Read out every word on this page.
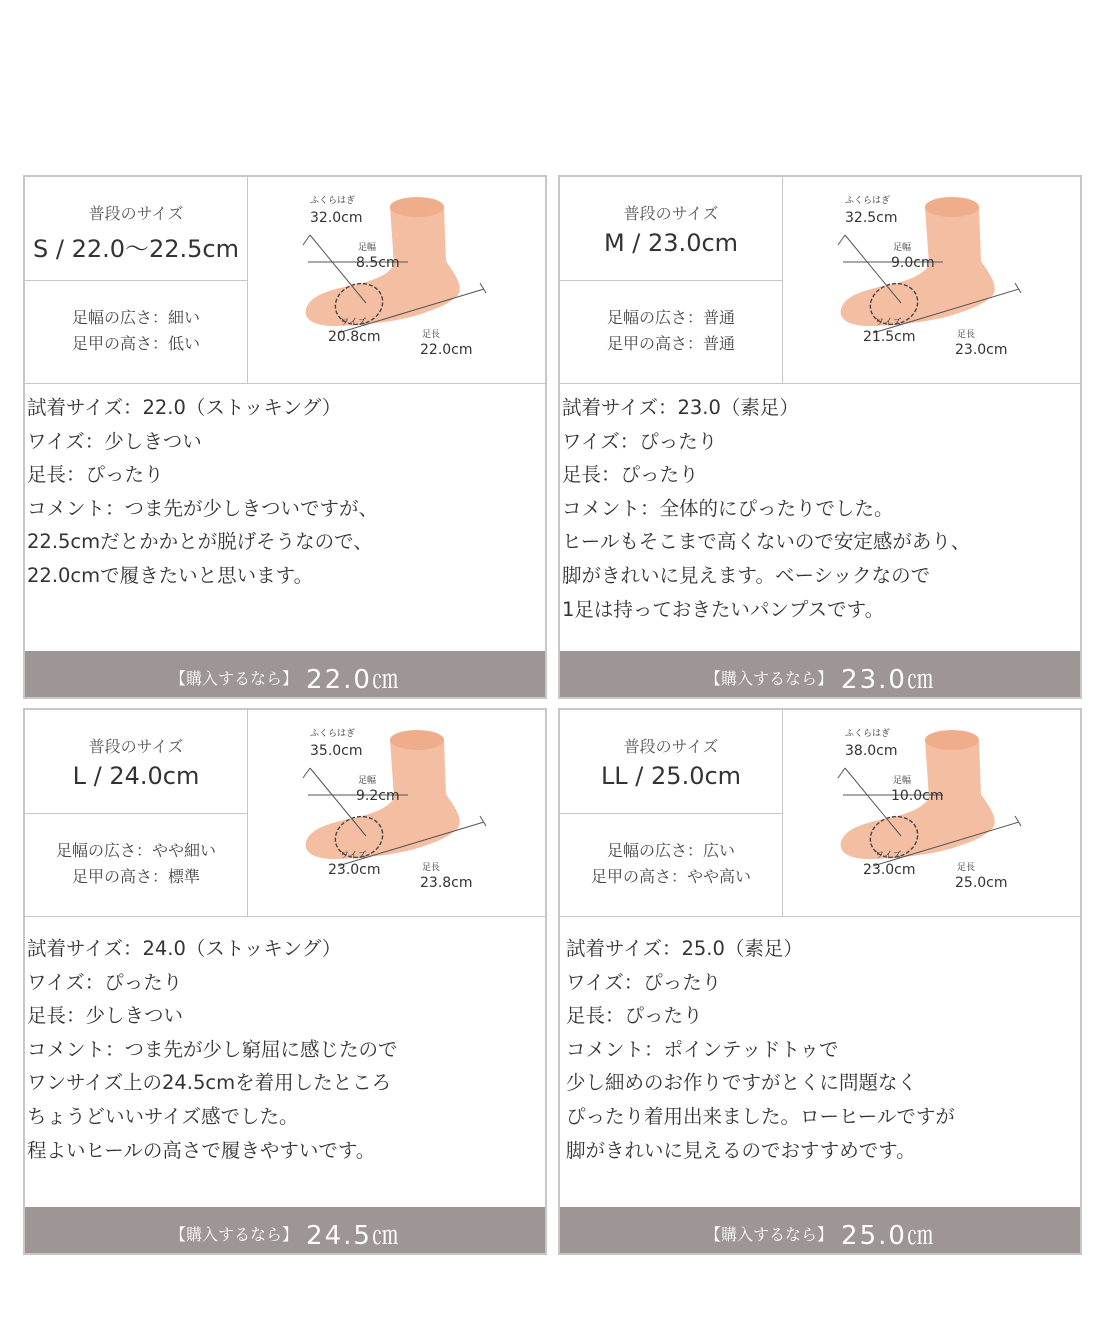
普段のサイズ
S / 22.0〜22.5cm
足幅の広さ：細い
足甲の高さ：低い
ふくらはぎ
32.0cm
足幅
8.5cm
ワイズ
20.8cm	足長
22.0cm
試着サイズ：22.0（ストッキング）
ワイズ：少しきつい
足長：ぴったり
コメント：つま先が少しきついですが、
22.5cmだとかかとが脱げそうなので、
22.0cmで履きたいと思います。
【購入するなら】 22.0㎝
普段のサイズ
M / 23.0cm
足幅の広さ：普通
足甲の高さ：普通
ふくらはぎ
32.5cm
足幅
9.0cm
ワイズ
21.5cm	足長
23.0cm
試着サイズ：23.0（素足）
ワイズ：ぴったり
足長：ぴったり
コメント：全体的にぴったりでした。
ヒールもそこまで高くないので安定感があり、
脚がきれいに見えます。ベーシックなので
1足は持っておきたいパンプスです。
【購入するなら】 23.0㎝
普段のサイズ
L / 24.0cm
足幅の広さ：やや細い
足甲の高さ：標準
ふくらはぎ
35.0cm
足幅
9.2cm
ワイズ
23.0cm	足長
23.8cm
試着サイズ：24.0（ストッキング）
ワイズ：ぴったり
足長：少しきつい
コメント：つま先が少し窮屈に感じたので
ワンサイズ上の24.5cmを着用したところ
ちょうどいいサイズ感でした。
程よいヒールの高さで履きやすいです。
【購入するなら】 24.5㎝
普段のサイズ
LL / 25.0cm
足幅の広さ：広い
足甲の高さ：やや高い
ふくらはぎ
38.0cm
足幅
10.0cm
ワイズ
23.0cm	足長
25.0cm
試着サイズ：25.0（素足）
ワイズ：ぴったり
足長：ぴったり
コメント：ポインテッドトゥで
少し細めのお作りですがとくに問題なく
ぴったり着用出来ました。ローヒールですが
脚がきれいに見えるのでおすすめです。
【購入するなら】 25.0㎝
